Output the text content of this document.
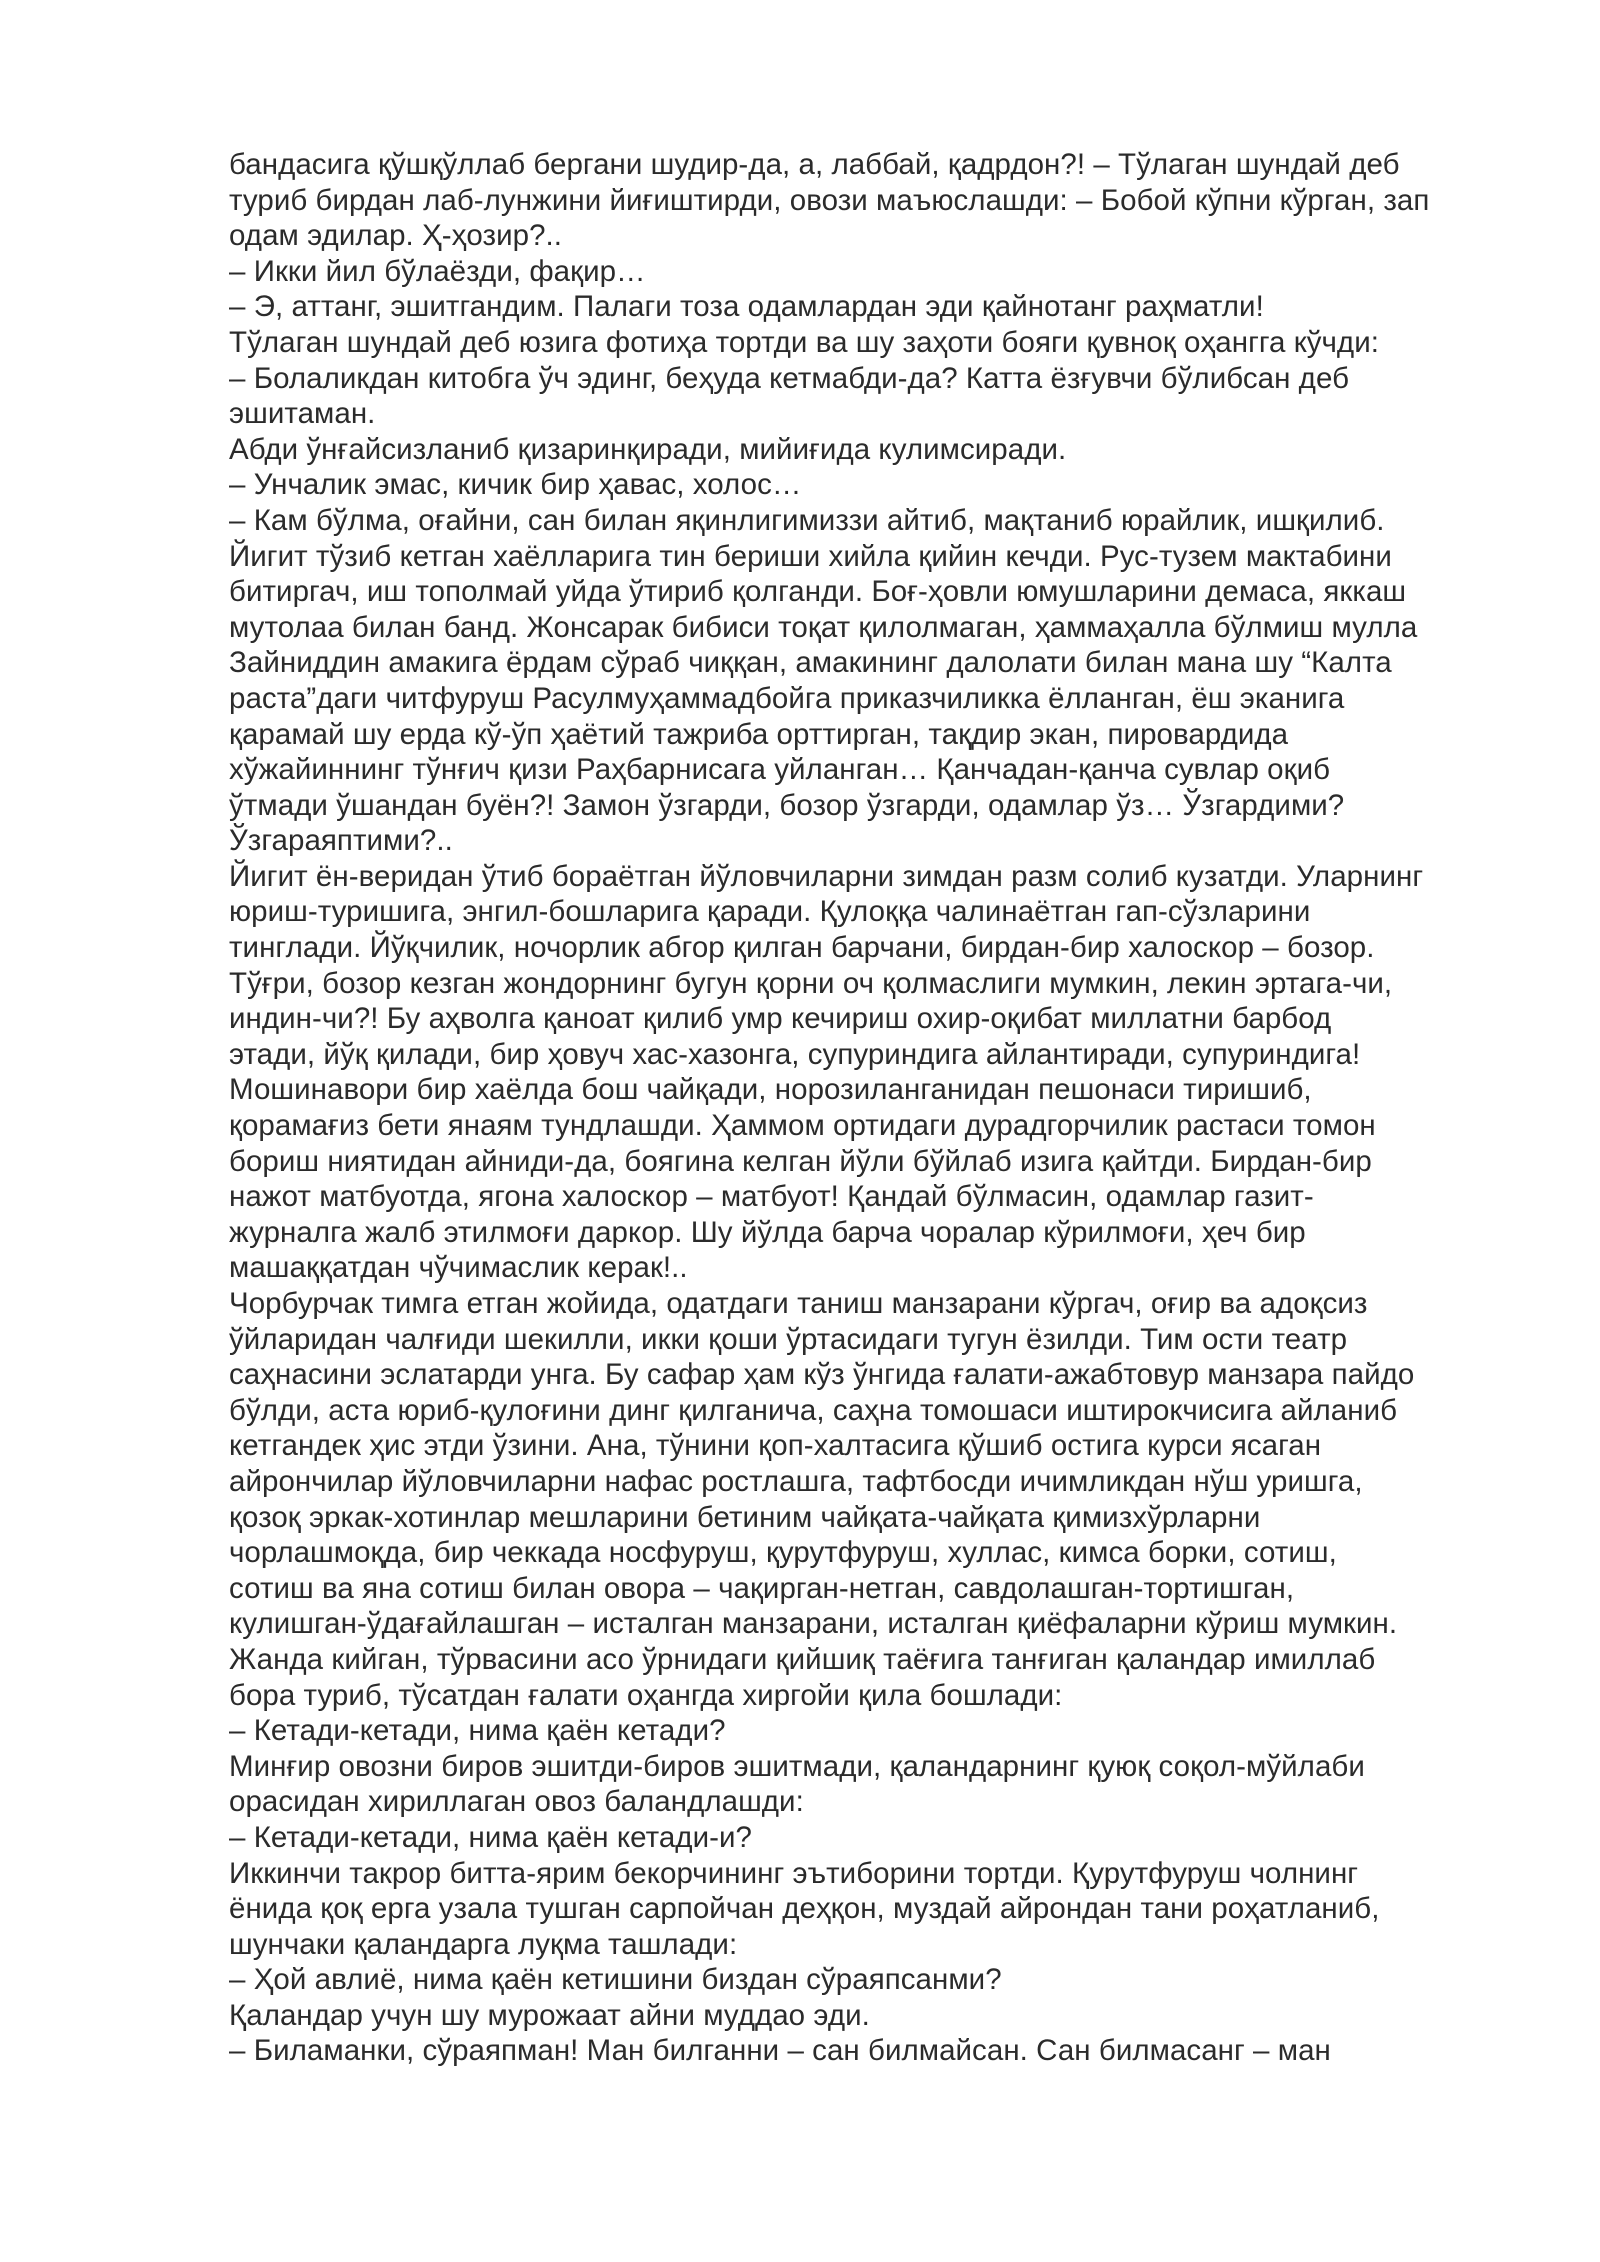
бандасига қўшқўллаб бергани шудир-да, а, лаббай, қадрдон?! – Тўлаган шундай деб
туриб бирдан лаб-лунжини йиғиштирди, овози маъюслашди: – Бобой кўпни кўрган, зап
одам эдилар. Ҳ-ҳозир?..
– Икки йил бўлаёзди, фақир…
– Э, аттанг, эшитгандим. Палаги тоза одамлардан эди қайнотанг раҳматли!
Тўлаган шундай деб юзига фотиҳа тортди ва шу заҳоти бояги қувноқ оҳангга кўчди:
– Болаликдан китобга ўч эдинг, беҳуда кетмабди-да? Катта ёзғувчи бўлибсан деб
эшитаман.
Абди ўнғайсизланиб қизаринқиради, мийиғида кулимсиради.
– Унчалик эмас, кичик бир ҳавас, холос…
– Кам бўлма, оғайни, сан билан яқинлигимиззи айтиб, мақтаниб юрайлик, ишқилиб.
Йигит тўзиб кетган хаёлларига тин бериши хийла қийин кечди. Рус-тузем мактабини
битиргач, иш тополмай уйда ўтириб қолганди. Боғ-ҳовли юмушларини демаса, яккаш
мутолаа билан банд. Жонсарак бибиси тоқат қилолмаган, ҳаммаҳалла бўлмиш мулла
Зайниддин амакига ёрдам сўраб чиққан, амакининг далолати билан мана шу “Калта
раста”даги читфуруш Расулмуҳаммадбойга приказчиликка ёлланган, ёш эканига
қарамай шу ерда кў-ўп ҳаётий тажриба орттирган, тақдир экан, пировардида
хўжайиннинг тўнғич қизи Раҳбарнисага уйланган… Қанчадан-қанча сувлар оқиб
ўтмади ўшандан буён?! Замон ўзгарди, бозор ўзгарди, одамлар ўз… Ўзгардими?
Ўзгараяптими?..
Йигит ён-веридан ўтиб бораётган йўловчиларни зимдан разм солиб кузатди. Уларнинг
юриш-туришига, энгил-бошларига қаради. Қулоққа чалинаётган гап-сўзларини
тинглади. Йўқчилик, ночорлик абгор қилган барчани, бирдан-бир халоскор – бозор.
Тўғри, бозор кезган жондорнинг бугун қорни оч қолмаслиги мумкин, лекин эртага-чи,
индин-чи?! Бу аҳволга қаноат қилиб умр кечириш охир-оқибат миллатни барбод
этади, йўқ қилади, бир ҳовуч хас-хазонга, супуриндига айлантиради, супуриндига!
Мошинавори бир хаёлда бош чайқади, норозиланганидан пешонаси тиришиб,
қорамағиз бети янаям тундлашди. Ҳаммом ортидаги дурадгорчилик растаси томон
бориш ниятидан айниди-да, боягина келган йўли бўйлаб изига қайтди. Бирдан-бир
нажот матбуотда, ягона халоскор – матбуот! Қандай бўлмасин, одамлар газит-
журналга жалб этилмоғи даркор. Шу йўлда барча чоралар кўрилмоғи, ҳеч бир
машаққатдан чўчимаслик керак!..
Чорбурчак тимга етган жойида, одатдаги таниш манзарани кўргач, оғир ва адоқсиз
ўйларидан чалғиди шекилли, икки қоши ўртасидаги тугун ёзилди. Тим ости театр
саҳнасини эслатарди унга. Бу сафар ҳам кўз ўнгида ғалати-ажабтовур манзара пайдо
бўлди, аста юриб-қулоғини динг қилганича, саҳна томошаси иштирокчисига айланиб
кетгандек ҳис этди ўзини. Ана, тўнини қоп-халтасига қўшиб остига курси ясаган
айрончилар йўловчиларни нафас ростлашга, тафтбосди ичимликдан нўш уришга,
қозоқ эркак-хотинлар мешларини бетиним чайқата-чайқата қимизхўрларни
чорлашмоқда, бир чеккада носфуруш, қурутфуруш, хуллас, кимса борки, сотиш,
сотиш ва яна сотиш билан овора – чақирган-нетган, савдолашган-тортишган,
кулишган-ўдағайлашган – исталган манзарани, исталган қиёфаларни кўриш мумкин.
Жанда кийган, тўрвасини асо ўрнидаги қийшиқ таёғига танғиган қаландар имиллаб
бора туриб, тўсатдан ғалати оҳангда хиргойи қила бошлади:
– Кетади-кетади, нима қаён кетади?
Минғир овозни биров эшитди-биров эшитмади, қаландарнинг қуюқ соқол-мўйлаби
орасидан хириллаган овоз баландлашди:
– Кетади-кетади, нима қаён кетади-и?
Иккинчи такрор битта-ярим бекорчининг эътиборини тортди. Қурутфуруш чолнинг
ёнида қоқ ерга узала тушган сарпойчан деҳқон, муздай айрондан тани роҳатланиб,
шунчаки қаландарга луқма ташлади:
– Ҳой авлиё, нима қаён кетишини биздан сўраяпсанми?
Қаландар учун шу мурожаат айни муддао эди.
– Биламанки, сўраяпман! Ман билганни – сан билмайсан. Сан билмасанг – ман
